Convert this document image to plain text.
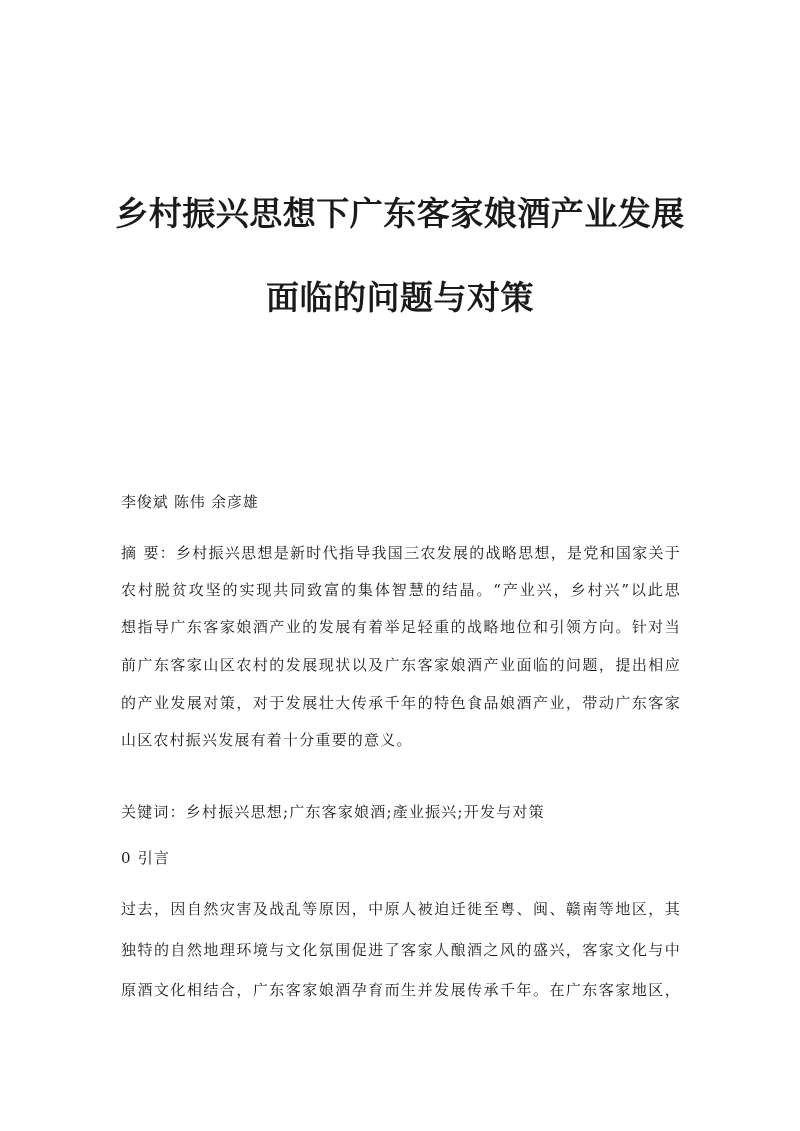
乡村振兴思想下广东客家娘酒产业发展
面临的问题与对策
李俊斌 陈伟 余彦雄
摘 要：乡村振兴思想是新时代指导我国三农发展的战略思想，是党和国家关于
农村脱贫攻坚的实现共同致富的集体智慧的结晶。“产业兴，乡村兴”以此思
想指导广东客家娘酒产业的发展有着举足轻重的战略地位和引领方向。针对当
前广东客家山区农村的发展现状以及广东客家娘酒产业面临的问题，提出相应
的产业发展对策，对于发展壮大传承千年的特色食品娘酒产业，带动广东客家
山区农村振兴发展有着十分重要的意义。
关键词：乡村振兴思想;广东客家娘酒;產业振兴;开发与对策
0 引言
过去，因自然灾害及战乱等原因，中原人被迫迁徙至粤、闽、赣南等地区，其
独特的自然地理环境与文化氛围促进了客家人酿酒之风的盛兴，客家文化与中
原酒文化相结合，广东客家娘酒孕育而生并发展传承千年。在广东客家地区，
